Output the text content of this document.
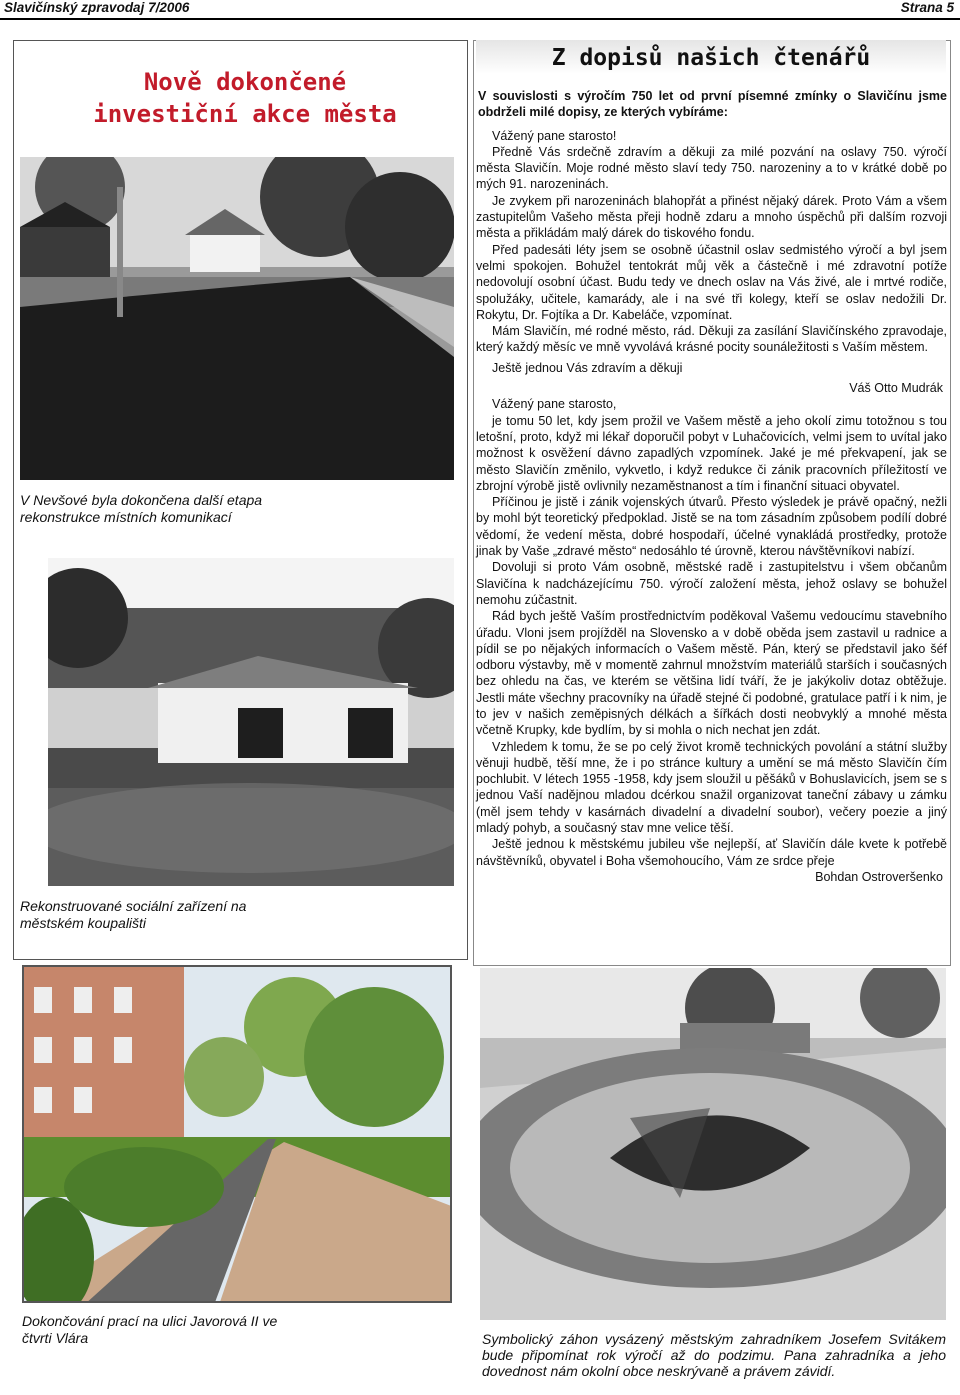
Slavičínský zpravodaj 7/2006	Strana 5
Nově dokončené
investiční akce města
V Nevšové byla dokončena další etapa rekonstrukce místních komunikací
Rekonstruované sociální zařízení na městském koupališti
Z dopisů našich čtenářů

V souvislosti s výročím 750 let od první písemné zmínky o Slavičínu jsme obdrželi milé dopisy, ze kterých vybíráme:

Vážený pane starosto!

Předně Vás srdečně zdravím a děkuji za milé pozvání na oslavy 750. výročí města Slavičín. Moje rodné město slaví tedy 750. narozeniny a to v krátké době po mých 91. narozeninách.

Je zvykem při narozeninách blahopřát a přinést nějaký dárek. Proto Vám a všem zastupitelům Vašeho města přeji hodně zdaru a mnoho úspěchů při dalším rozvoji města a přikládám malý dárek do tiskového fondu.

Před padesáti léty jsem se osobně účastnil oslav sedmistého výročí a byl jsem velmi spokojen. Bohužel tentokrát můj věk a částečně i mé zdravotní potíže nedovolují osobní účast. Budu tedy ve dnech oslav na Vás živé, ale i mrtvé rodiče, spolužáky, učitele, kamarády, ale i na své tři kolegy, kteří se oslav nedožili Dr. Rokytu, Dr. Fojtíka a Dr. Kabeláče, vzpomínat.

Mám Slavičín, mé rodné město, rád. Děkuji za zasílání Slavičínského zpravodaje, který každý měsíc ve mně vyvolává krásné pocity sounáležitosti s Vaším městem.

Ještě jednou Vás zdravím a děkuji

Váš Otto Mudrák

Vážený pane starosto,

je tomu 50 let, kdy jsem prožil ve Vašem městě a jeho okolí zimu totožnou s tou letošní, proto, když mi lékař doporučil pobyt v Luhačovicích, velmi jsem to uvítal jako možnost k osvěžení dávno zapadlých vzpomínek. Jaké je mé překvapení, jak se město Slavičín změnilo, vykvetlo, i když redukce či zánik pracovních příležitostí ve zbrojní výrobě jistě ovlivnily nezaměstnanost a tím i finanční situaci obyvatel.

Příčinou je jistě i zánik vojenských útvarů. Přesto výsledek je právě opačný, nežli by mohl být teoretický předpoklad. Jistě se na tom zásadním způsobem podílí dobré vědomí, že vedení města, dobré hospodaří, účelné vynakládá prostředky, protože jinak by Vaše „zdravé město“ nedosáhlo té úrovně, kterou návštěvníkovi nabízí.

Dovoluji si proto Vám osobně, městské radě i zastupitelstvu i všem občanům Slavičína k nadcházejícímu 750. výročí založení města, jehož oslavy se bohužel nemohu zúčastnit.

Rád bych ještě Vaším prostřednictvím poděkoval Vašemu vedoucímu stavebního úřadu. Vloni jsem projížděl na Slovensko a v době oběda jsem zastavil u radnice a pídil se po nějakých informacích o Vašem městě. Pán, který se představil jako šéf odboru výstavby, mě v momentě zahrnul množstvím materiálů starších i současných bez ohledu na čas, ve kterém se většina lidí tváří, že je jakýkoliv dotaz obtěžuje. Jestli máte všechny pracovníky na úřadě stejné či podobné, gratulace patří i k nim, je to jev v našich zeměpisných délkách a šířkách dosti neobvyklý a mnohé města včetně Krupky, kde bydlím, by si mohla o nich nechat jen zdát.

Vzhledem k tomu, že se po celý život kromě technických povolání a státní služby věnuji hudbě, těší mne, že i po stránce kultury a umění se má město Slavičín čím pochlubit. V létech 1955 -1958, kdy jsem sloužil u pěšáků v Bohuslavicích, jsem se s jednou Vaší nadějnou mladou dcérkou snažil organizovat taneční zábavy u zámku (měl jsem tehdy v kasárnách divadelní a divadelní soubor), večery poezie a jiný mladý pohyb, a současný stav mne velice těší.

Ještě jednou k městskému jubileu vše nejlepší, ať Slavičín dále kvete k potřebě návštěvníků, obyvatel i Boha všemohoucího, Vám ze srdce přeje

Bohdan Ostroveršenko

Dokončování prací na ulici Javorová II ve čtvrti Vlára	Symbolický záhon vysázený městským zahradníkem Josefem Svitákem bude připomínat rok výročí až do podzimu. Pana zahradníka a jeho dovednost nám okolní obce neskrývaně a právem závidí.
